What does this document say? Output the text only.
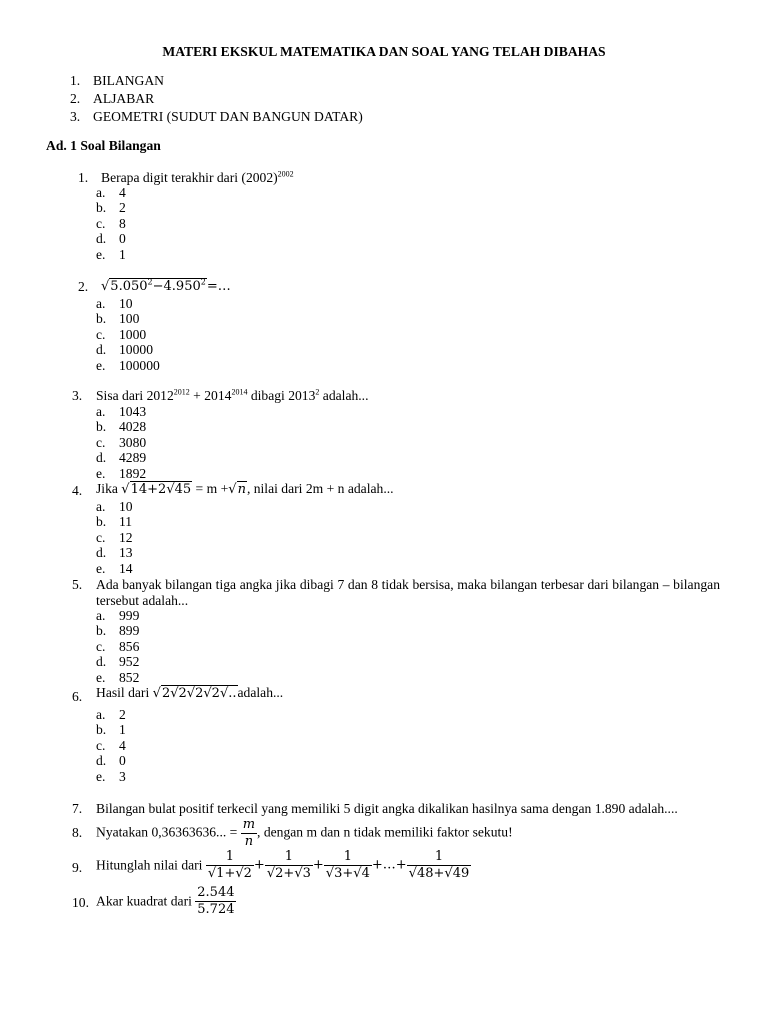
MATERI EKSKUL MATEMATIKA DAN SOAL YANG TELAH DIBAHAS
1. BILANGAN
2. ALJABAR
3. GEOMETRI (SUDUT DAN BANGUN DATAR)
Ad. 1 Soal Bilangan
1. Berapa digit terakhir dari $(2002)^{2002}$
a. 4
b. 2
c. 8
d. 0
e. 1
2. $√5.050^2-4.950^2=\dots$
a. 10
b. 100
c. 1000
d. 10000
e. 100000
3. Sisa dari $2012^{2012} + 2014^{2014}$ dibagi 2013$^2$ adalah...
a. 1043
b. 4028
c. 3080
d. 4289
e. 1892
4. Jika √14+2√45 = m +√n, nilai dari 2m + n adalah...
a. 10
b. 11
c. 12
d. 13
e. 14
5. Ada banyak bilangan tiga angka jika dibagi 7 dan 8 tidak bersisa, maka bilangan terbesar dari bilangan – bilangan tersebut adalah...
a. 999
b. 899
c. 856
d. 952
e. 852
6. Hasil dari √2√2√2√2√..adalah...
a. 2
b. 1
c. 4
d. 0
e. 3
7. Bilangan bulat positif terkecil yang memiliki 5 digit angka dikalikan hasilnya sama dengan 1.890 adalah....
8. Nyatakan 0,36363636... = $\frac{m}{n}$ , dengan m dan n tidak memiliki faktor sekutu!
9. Hitunglah nilai dari $\frac{1}{√1+√2} + \frac{1}{√2+√3} + \frac{1}{√3+√4}$ +…+ $\frac{1}{√48+√49}$
10. Akar kuadrat dari $\frac{2.544}{5.724}$
